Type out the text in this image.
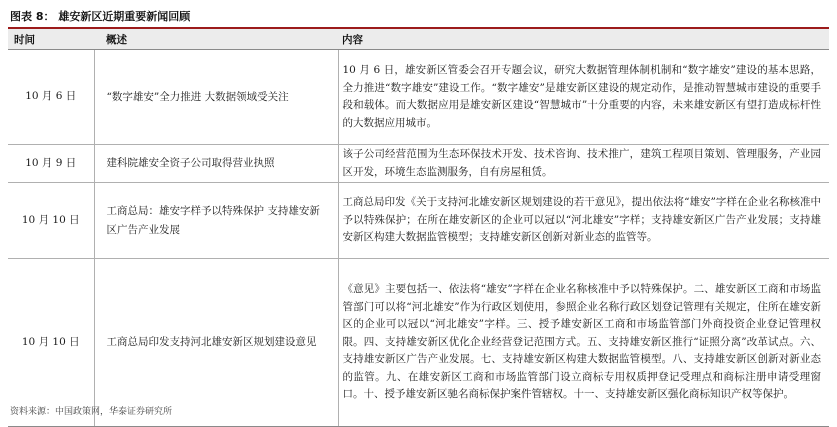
图表 8： 雄安新区近期重要新闻回顾
时间	概述	内容
10 月 6 日	“数字雄安”全力推进 大数据领域受关注	10 月 6 日，雄安新区管委会召开专题会议，研究大数据管理体制机制和“数字雄安”建设的基本思路，全力推进“数字雄安”建设工作。“数字雄安”是雄安新区建设的规定动作，是推动智慧城市建设的重要手段和载体。而大数据应用是雄安新区建设“智慧城市”十分重要的内容，未来雄安新区有望打造成标杆性的大数据应用城市。
10 月 9 日	建科院雄安全资子公司取得营业执照	该子公司经营范围为生态环保技术开发、技术咨询、技术推广，建筑工程项目策划、管理服务，产业园区开发，环境生态监测服务，自有房屋租赁。
10 月 10 日	工商总局：雄安字样予以特殊保护 支持雄安新区广告产业发展	工商总局印发《关于支持河北雄安新区规划建设的若干意见》，提出依法将“雄安”字样在企业名称核准中予以特殊保护；在所在雄安新区的企业可以冠以“河北雄安”字样；支持雄安新区广告产业发展；支持雄安新区构建大数据监管模型；支持雄安新区创新对新业态的监管等。
10 月 10 日	工商总局印发支持河北雄安新区规划建设意见	《意见》主要包括一、依法将“雄安”字样在企业名称核准中予以特殊保护。二、雄安新区工商和市场监管部门可以将“河北雄安”作为行政区划使用，参照企业名称行政区划登记管理有关规定，住所在雄安新区的企业可以冠以“河北雄安”字样。三、授予雄安新区工商和市场监管部门外商投资企业登记管理权限。四、支持雄安新区优化企业经营登记范围方式。五、支持雄安新区推行“证照分离”改革试点。六、支持雄安新区广告产业发展。七、支持雄安新区构建大数据监管模型。八、支持雄安新区创新对新业态的监管。九、在雄安新区工商和市场监管部门设立商标专用权质押登记受理点和商标注册申请受理窗口。十、授予雄安新区驰名商标保护案件管辖权。十一、支持雄安新区强化商标知识产权等保护。
资料来源：中国政策网，华泰证券研究所
